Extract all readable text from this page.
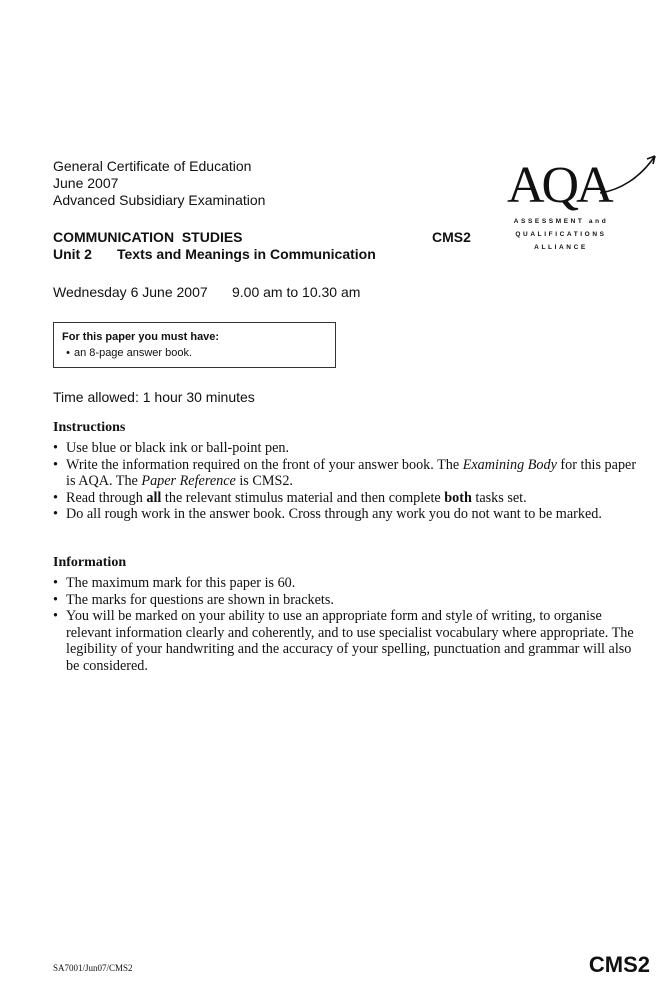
General Certificate of Education
June 2007
Advanced Subsidiary Examination
COMMUNICATION  STUDIES	CMS2
Unit 2 Texts and Meanings in Communication
Wednesday 6 June 2007 9.00 am to 10.30 am
AQA
ASSESSMENT and
QUALIFICATIONS
ALLIANCE
For this paper you must have:
• an 8-page answer book.
Time allowed: 1 hour 30 minutes
Instructions
• Use blue or black ink or ball-point pen.
• Write the information required on the front of your answer book. The Examining Body for this paper is AQA. The Paper Reference is CMS2.
• Read through all the relevant stimulus material and then complete both tasks set.
• Do all rough work in the answer book. Cross through any work you do not want to be marked.
Information
• The maximum mark for this paper is 60.
• The marks for questions are shown in brackets.
• You will be marked on your ability to use an appropriate form and style of writing, to organise relevant information clearly and coherently, and to use specialist vocabulary where appropriate. The legibility of your handwriting and the accuracy of your spelling, punctuation and grammar will also be considered.
SA7001/Jun07/CMS2	CMS2
